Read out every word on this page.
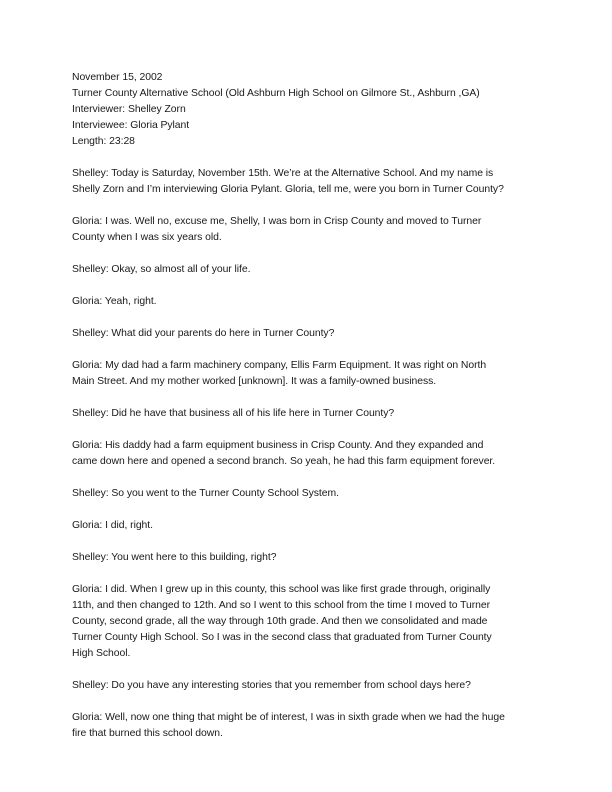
November 15, 2002
Turner County Alternative School (Old Ashburn High School on Gilmore St., Ashburn ,GA)
Interviewer: Shelley Zorn
Interviewee: Gloria Pylant
Length: 23:28
Shelley: Today is Saturday, November 15th. We’re at the Alternative School. And my name is
Shelly Zorn and I’m interviewing Gloria Pylant. Gloria, tell me, were you born in Turner County?
Gloria: I was. Well no, excuse me, Shelly, I was born in Crisp County and moved to Turner
County when I was six years old.
Shelley: Okay, so almost all of your life.
Gloria: Yeah, right.
Shelley: What did your parents do here in Turner County?
Gloria: My dad had a farm machinery company, Ellis Farm Equipment. It was right on North
Main Street. And my mother worked [unknown]. It was a family-owned business.
Shelley: Did he have that business all of his life here in Turner County?
Gloria: His daddy had a farm equipment business in Crisp County. And they expanded and
came down here and opened a second branch. So yeah, he had this farm equipment forever.
Shelley: So you went to the Turner County School System.
Gloria: I did, right.
Shelley: You went here to this building, right?
Gloria: I did. When I grew up in this county, this school was like first grade through, originally
11th, and then changed to 12th. And so I went to this school from the time I moved to Turner
County, second grade, all the way through 10th grade. And then we consolidated and made
Turner County High School. So I was in the second class that graduated from Turner County
High School.
Shelley: Do you have any interesting stories that you remember from school days here?
Gloria: Well, now one thing that might be of interest, I was in sixth grade when we had the huge
fire that burned this school down.
